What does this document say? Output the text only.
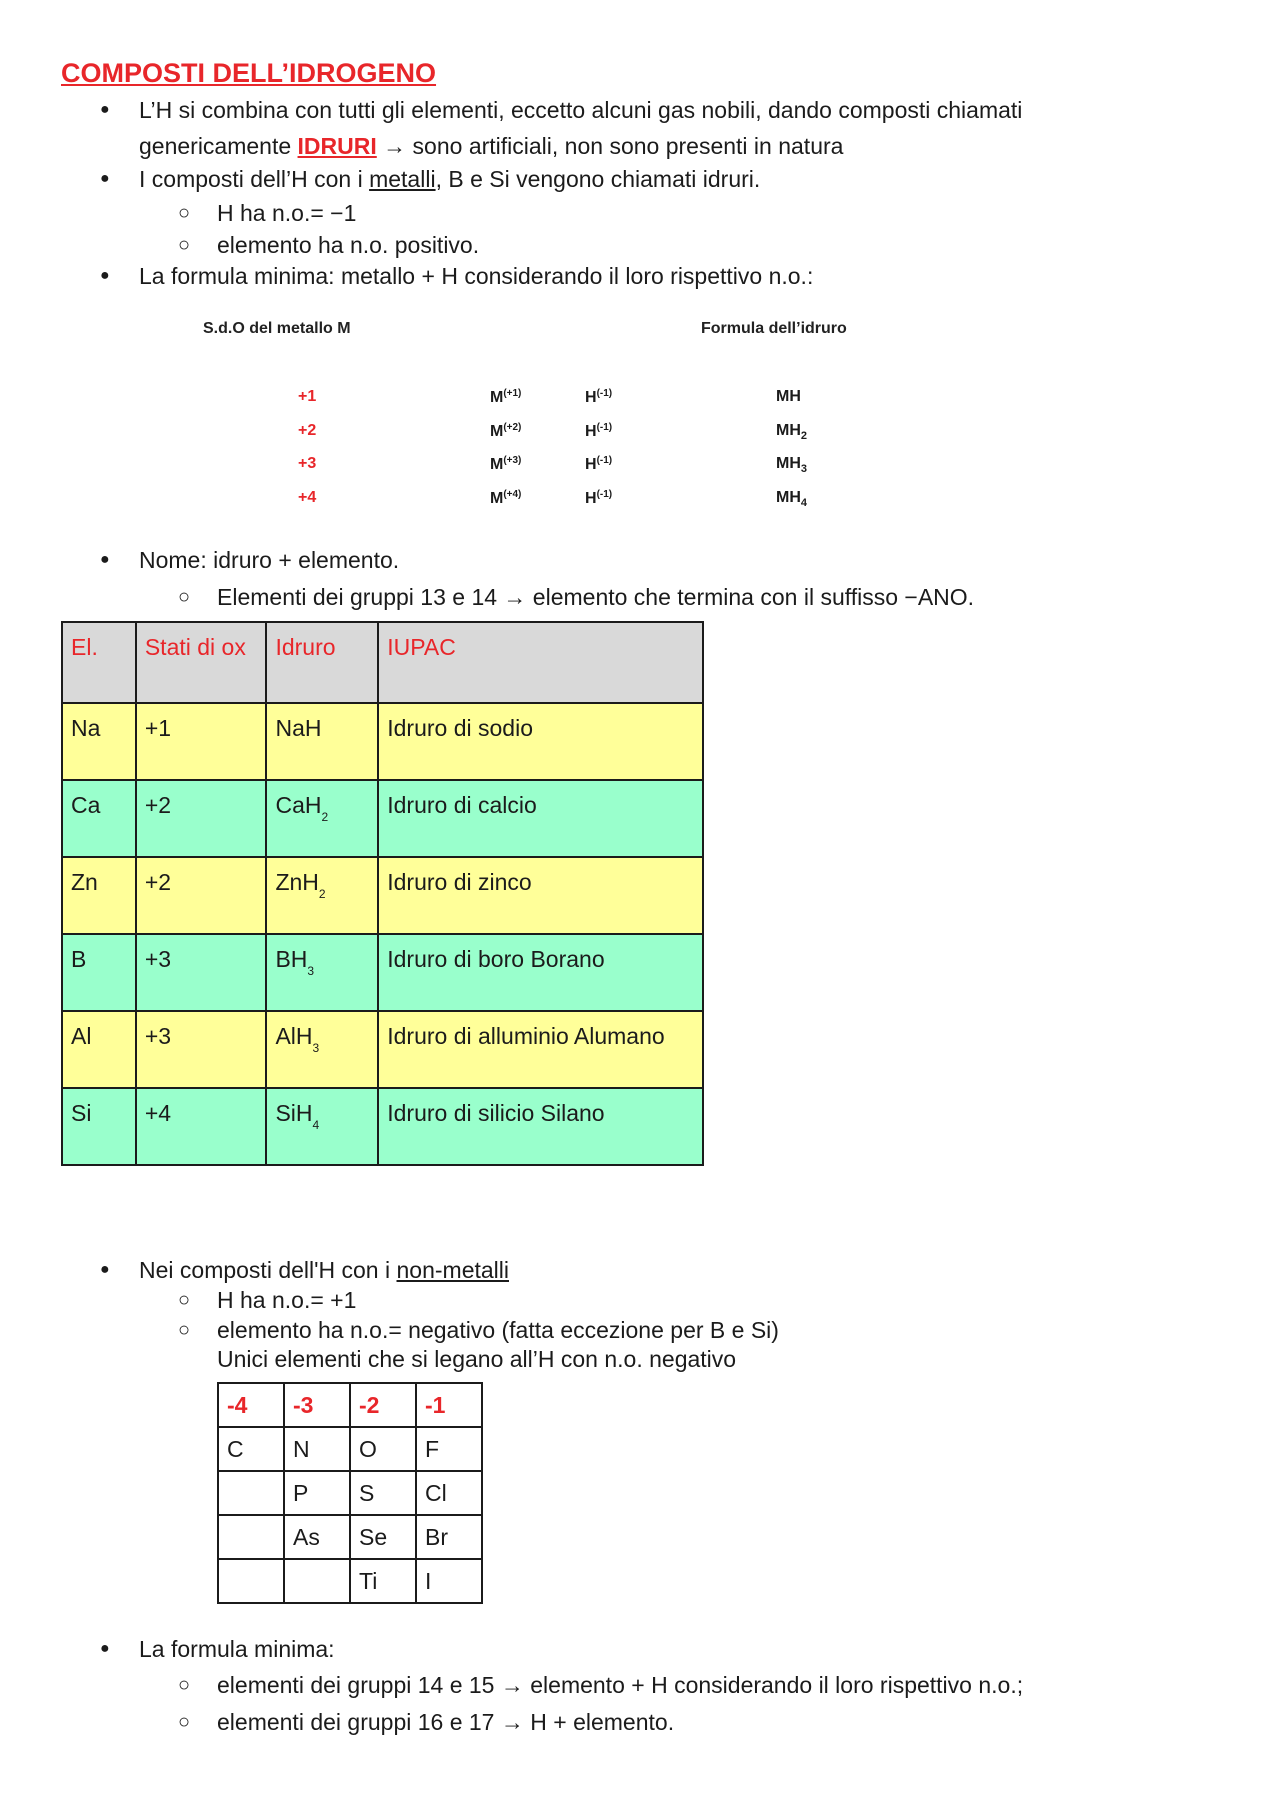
COMPOSTI DELL’IDROGENO
● L’H si combina con tutti gli elementi, eccetto alcuni gas nobili, dando composti chiamati
genericamente IDRURI → sono artificiali, non sono presenti in natura
● I composti dell’H con i metalli, B e Si vengono chiamati idruri.
○ H ha n.o.= −1
○ elemento ha n.o. positivo.
● La formula minima: metallo + H considerando il loro rispettivo n.o.:
S.d.O del metallo M	Formula dell’idruro
+1	$M^{(+1)}$	$H^{(-1)}$	MH
+2	$M^{(+2)}$	$H^{(-1)}$	$MH_2$
+3	$M^{(+3)}$	$H^{(-1)}$	$MH_3$
+4	$M^{(+4)}$	$H^{(-1)}$	$MH_4$
● Nome: idruro + elemento.
○ Elementi dei gruppi 13 e 14 → elemento che termina con il suffisso −ANO.
El.	Stati di ox	Idruro	IUPAC
Na	+1	NaH	Idruro di sodio
Ca	+2	CaH$_2$	Idruro di calcio
Zn	+2	ZnH$_2$	Idruro di zinco
B	+3	$BH_3$	Idruro di boro Borano
Al	+3	AlH$_3$	Idruro di alluminio Alumano
Si	+4	SiH$_4$	Idruro di silicio Silano
● Nei composti dell'H con i non-metalli
○ H ha n.o.= +1
○ elemento ha n.o.= negativo (fatta eccezione per B e Si)
Unici elementi che si legano all’H con n.o. negativo
-4	-3	-2	-1
C	N	O	F
	P	S	Cl
	As	Se	Br
		Ti	I
● La formula minima:
○ elementi dei gruppi 14 e 15 → elemento + H considerando il loro rispettivo n.o.;
○ elementi dei gruppi 16 e 17 → H + elemento.
